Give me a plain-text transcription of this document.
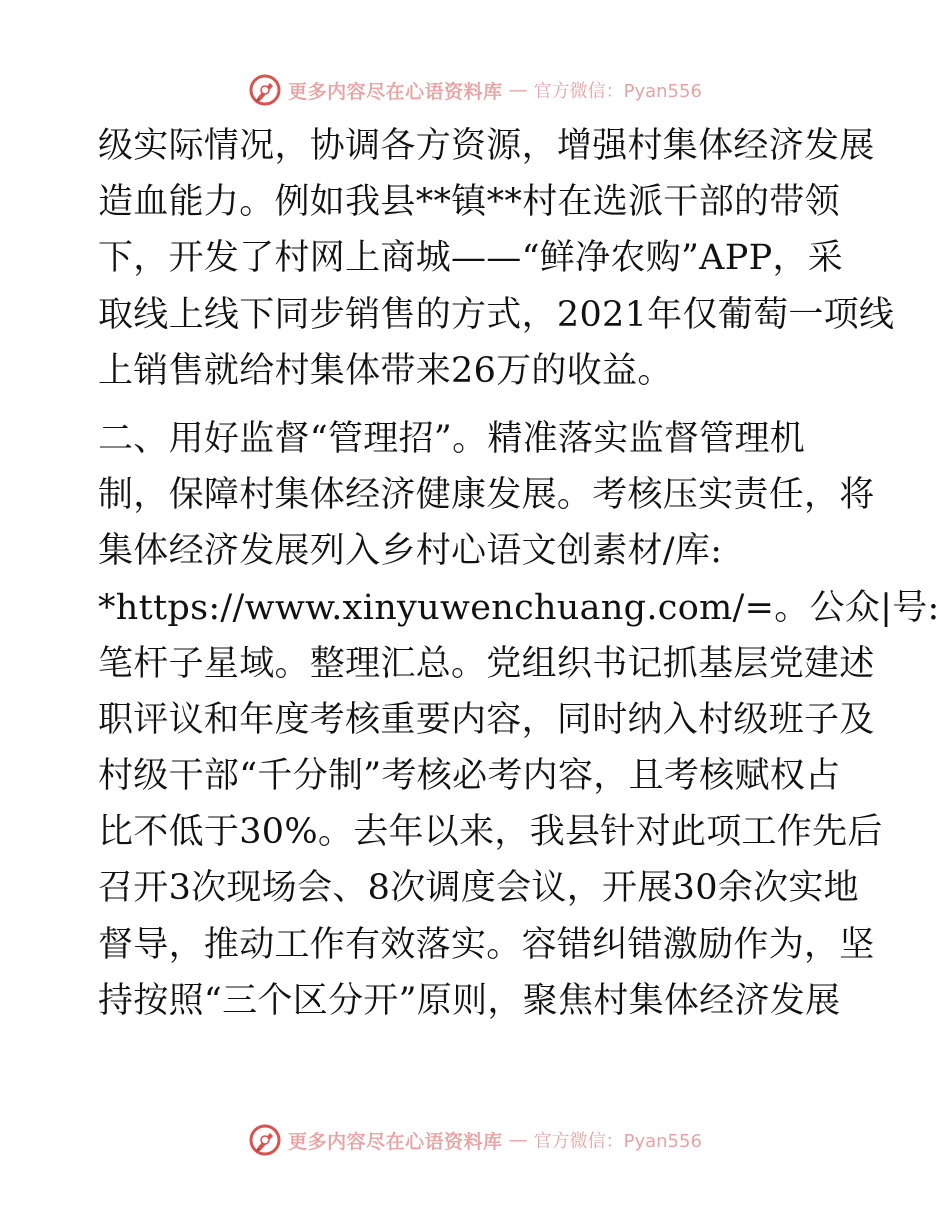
更多内容尽在心语资料库 — 官方微信：Pyan556
级实际情况，协调各方资源，增强村集体经济发展
造血能力。例如我县**镇**村在选派干部的带领
下，开发了村网上商城——“鲜净农购”APP，采
取线上线下同步销售的方式，2021年仅葡萄一项线
上销售就给村集体带来26万的收益。
二、用好监督“管理招”。精准落实监督管理机
制，保障村集体经济健康发展。考核压实责任，将
集体经济发展列入乡村心语文创素材/库:
*https://www.xinyuwenchuang.com/=。公众|号:
笔杆子星域。整理汇总。党组织书记抓基层党建述
职评议和年度考核重要内容，同时纳入村级班子及
村级干部“千分制”考核必考内容，且考核赋权占
比不低于30%。去年以来，我县针对此项工作先后
召开3次现场会、8次调度会议，开展30余次实地
督导，推动工作有效落实。容错纠错激励作为，坚
持按照“三个区分开”原则，聚焦村集体经济发展
更多内容尽在心语资料库 — 官方微信：Pyan556
